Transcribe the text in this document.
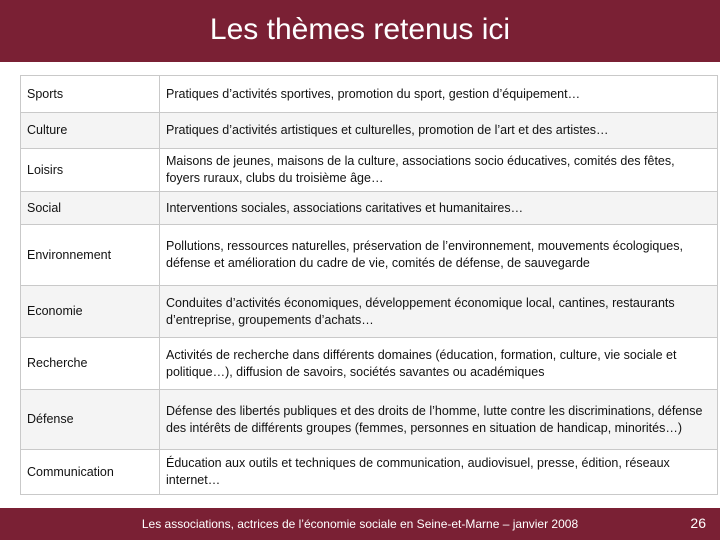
Les thèmes retenus ici
Sports	Pratiques d’activités sportives, promotion du sport, gestion d’équipement…
Culture	Pratiques d’activités artistiques et culturelles, promotion de l’art et des artistes…
Loisirs	Maisons de jeunes, maisons de la culture, associations socio éducatives, comités des fêtes, foyers ruraux, clubs du troisième âge…
Social	Interventions sociales, associations caritatives et humanitaires…
Environnement	Pollutions, ressources naturelles, préservation de l’environnement, mouvements écologiques, défense et amélioration du cadre de vie, comités de défense, de sauvegarde
Economie	Conduites d’activités économiques, développement économique local, cantines, restaurants d’entreprise, groupements d’achats…
Recherche	Activités de recherche dans différents domaines (éducation, formation, culture, vie sociale et politique…), diffusion de savoirs, sociétés savantes ou académiques
Défense	Défense des libertés publiques et des droits de l’homme, lutte contre les discriminations, défense des intérêts de différents groupes (femmes, personnes en situation de handicap, minorités…)
Communication	Éducation aux outils et techniques de communication, audiovisuel, presse, édition, réseaux internet…
Les associations, actrices de l’économie sociale en Seine-et-Marne – janvier 2008	26
